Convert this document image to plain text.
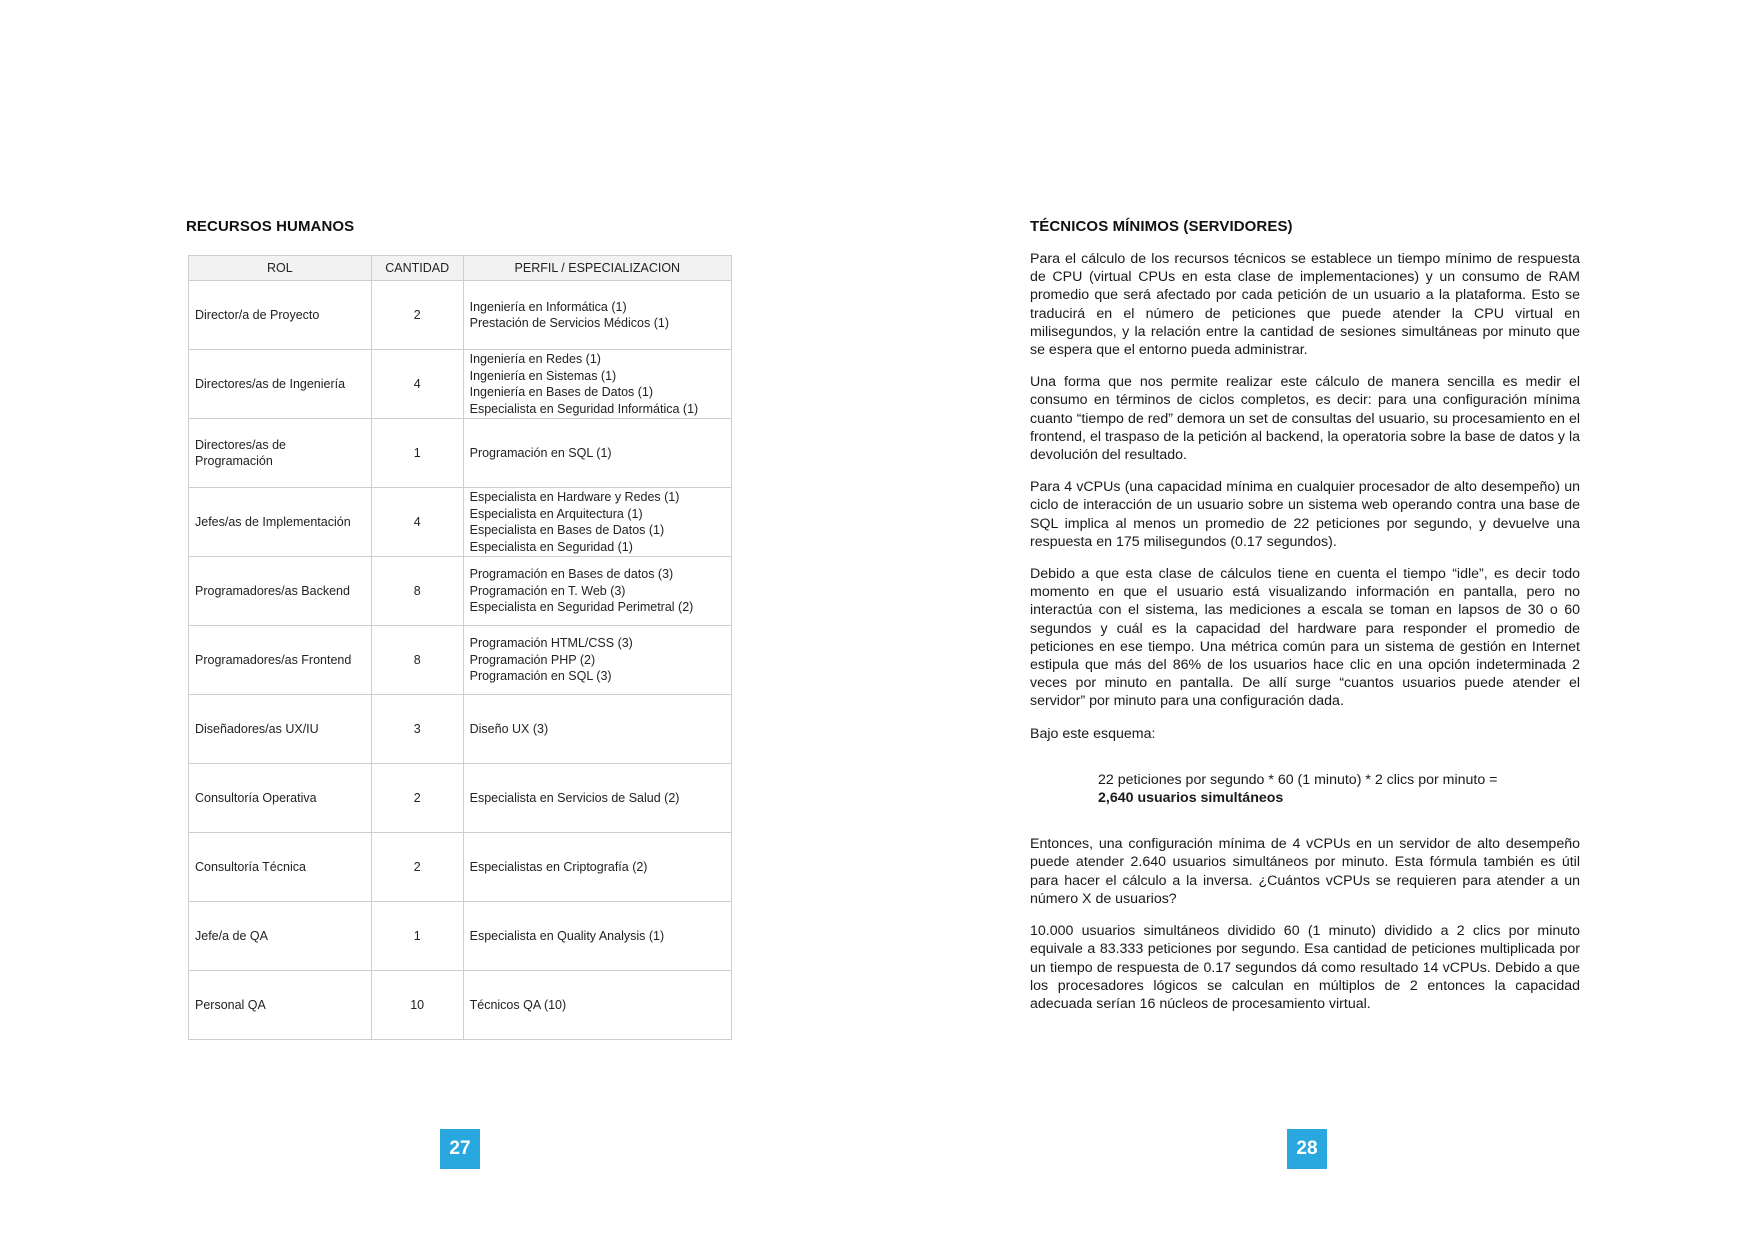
RECURSOS HUMANOS
ROL	CANTIDAD	PERFIL / ESPECIALIZACION
Director/a de Proyecto	2	Ingeniería en Informática (1)
Prestación de Servicios Médicos (1)

Directores/as de Ingeniería	4	Ingeniería en Redes (1)
Ingeniería en Sistemas (1)
Ingeniería en Bases de Datos (1)
Especialista en Seguridad Informática (1)

Directores/as de Programación	1	Programación en SQL (1)

Jefes/as de Implementación	4	Especialista en Hardware y Redes (1)
Especialista en Arquitectura (1)
Especialista en Bases de Datos (1)
Especialista en Seguridad (1)

Programadores/as Backend	8	Programación en Bases de datos (3)
Programación en T. Web (3)
Especialista en Seguridad Perimetral (2)

Programadores/as Frontend	8	Programación HTML/CSS (3)
Programación PHP (2)
Programación en SQL (3)

Diseñadores/as UX/IU	3	Diseño UX (3)

Consultoría Operativa	2	Especialista en Servicios de Salud (2)

Consultoría Técnica	2	Especialistas en Criptografía (2)

Jefe/a de QA	1	Especialista en Quality Analysis (1)

Personal QA	10	Técnicos QA (10)
27
TÉCNICOS MÍNIMOS (SERVIDORES)

Para el cálculo de los recursos técnicos se establece un tiempo mínimo de respuesta de CPU (virtual CPUs en esta clase de implementaciones) y un consumo de RAM promedio que será afectado por cada petición de un usuario a la plataforma. Esto se traducirá en el número de peticiones que puede atender la CPU virtual en milisegundos, y la relación entre la cantidad de sesiones simultáneas por minuto que se espera que el entorno pueda administrar.

Una forma que nos permite realizar este cálculo de manera sencilla es medir el consumo en términos de ciclos completos, es decir: para una configuración mínima cuanto “tiempo de red” demora un set de consultas del usuario, su procesamiento en el frontend, el traspaso de la petición al backend, la operatoria sobre la base de datos y la devolución del resultado.

Para 4 vCPUs (una capacidad mínima en cualquier procesador de alto desempeño) un ciclo de interacción de un usuario sobre un sistema web operando contra una base de SQL implica al menos un promedio de 22 peticiones por segundo, y devuelve una respuesta en 175 milisegundos (0.17 segundos).

Debido a que esta clase de cálculos tiene en cuenta el tiempo “idle”, es decir todo momento en que el usuario está visualizando información en pantalla, pero no interactúa con el sistema, las mediciones a escala se toman en lapsos de 30 o 60 segundos y cuál es la capacidad del hardware para responder el promedio de peticiones en ese tiempo. Una métrica común para un sistema de gestión en Internet estipula que más del 86% de los usuarios hace clic en una opción indeterminada 2 veces por minuto en pantalla. De allí surge “cuantos usuarios puede atender el servidor” por minuto para una configuración dada.

Bajo este esquema:

22 peticiones por segundo * 60 (1 minuto) * 2 clics por minuto =
2,640 usuarios simultáneos

Entonces, una configuración mínima de 4 vCPUs en un servidor de alto desempeño puede atender 2.640 usuarios simultáneos por minuto. Esta fórmula también es útil para hacer el cálculo a la inversa. ¿Cuántos vCPUs se requieren para atender a un número X de usuarios?

10.000 usuarios simultáneos dividido 60 (1 minuto) dividido a 2 clics por minuto equivale a 83.333 peticiones por segundo. Esa cantidad de peticiones multiplicada por un tiempo de respuesta de 0.17 segundos dá como resultado 14 vCPUs. Debido a que los procesadores lógicos se calculan en múltiplos de 2 entonces la capacidad adecuada serían 16 núcleos de procesamiento virtual.

28
